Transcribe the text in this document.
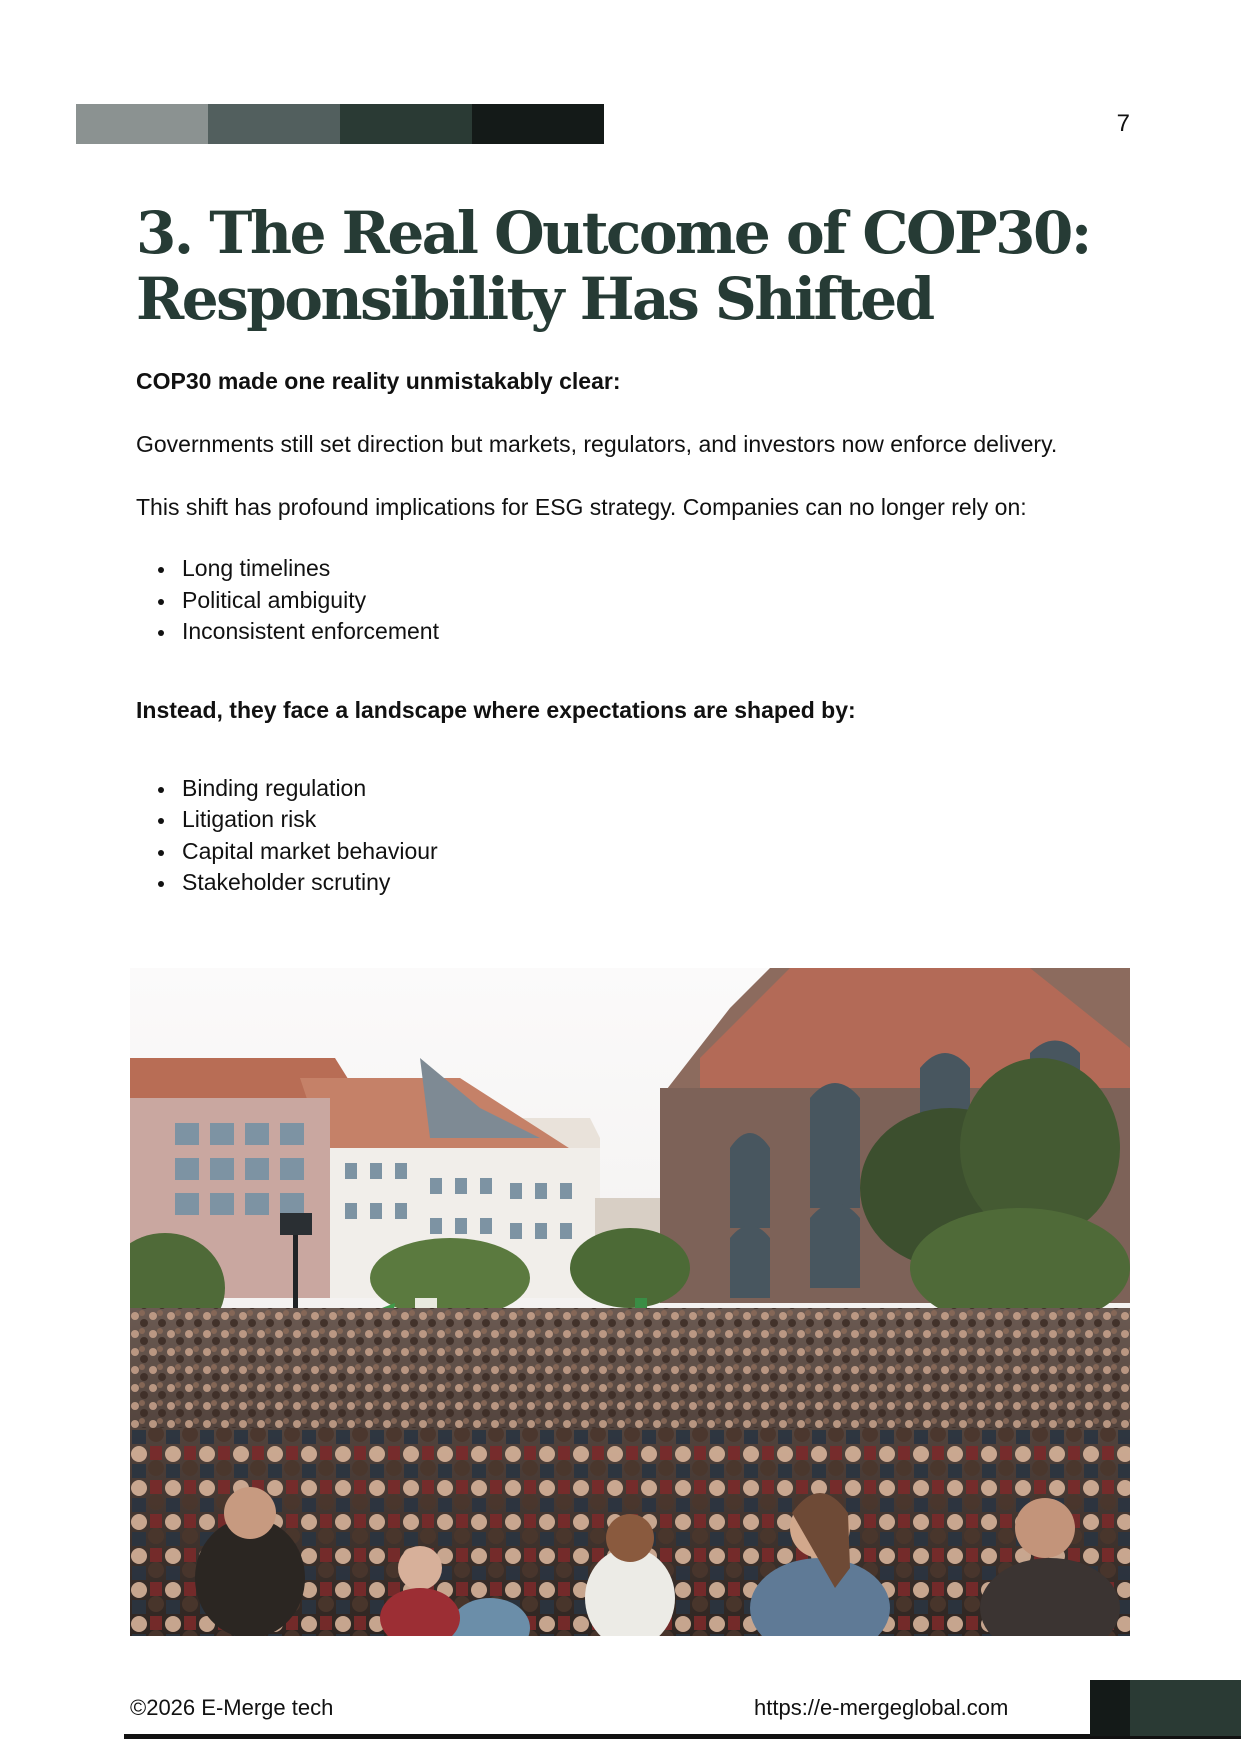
7
3. The Real Outcome of COP30:
Responsibility Has Shifted

COP30 made one reality unmistakably clear:

Governments still set direction but markets, regulators, and investors now enforce delivery.

This shift has profound implications for ESG strategy. Companies can no longer rely on:

Long timelines
Political ambiguity
Inconsistent enforcement

Instead, they face a landscape where expectations are shaped by:

Binding regulation
Litigation risk
Capital market behaviour
Stakeholder scrutiny
©2026 E-Merge tech	https://e-mergeglobal.com
